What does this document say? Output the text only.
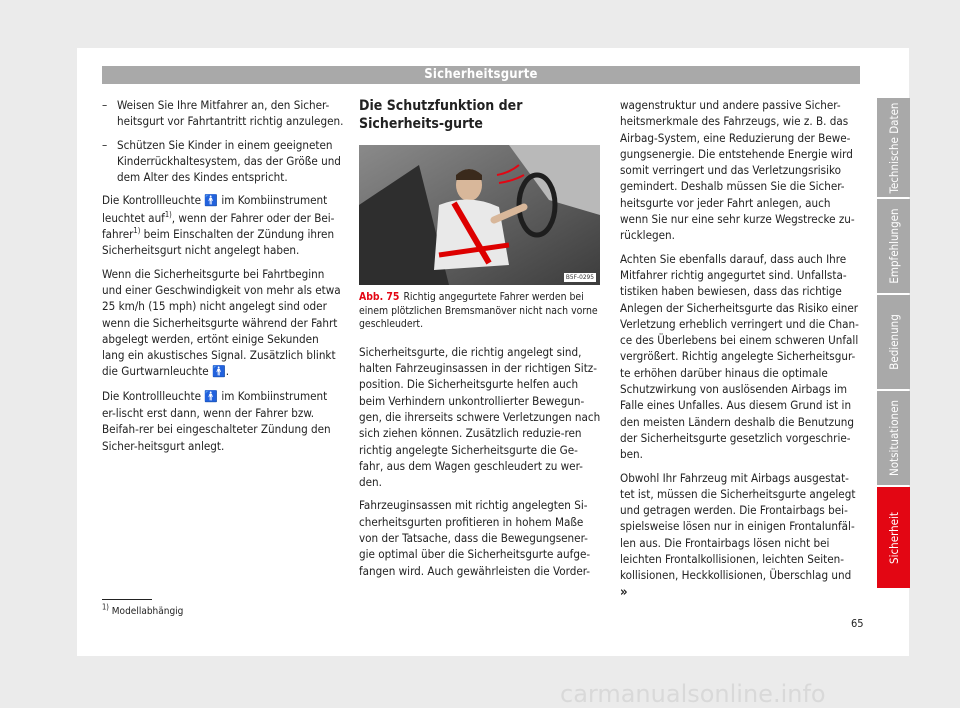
Sicherheitsgurte
– Weisen Sie Ihre Mitfahrer an, den Sicher-heitsgurt vor Fahrtantritt richtig anzulegen.
– Schützen Sie Kinder in einem geeigneten Kinderrückhaltesystem, das der Größe und dem Alter des Kindes entspricht.

Die Kontrollleuchte 🚹 im Kombiinstrument leuchtet auf$^{1)}$, wenn der Fahrer oder der Bei-fahrer$^{1)}$ beim Einschalten der Zündung ihren Sicherheitsgurt nicht angelegt haben.

Wenn die Sicherheitsgurte bei Fahrtbeginn und einer Geschwindigkeit von mehr als etwa 25 km/h (15 mph) nicht angelegt sind oder wenn die Sicherheitsgurte während der Fahrt abgelegt werden, ertönt einige Sekunden lang ein akustisches Signal. Zusätzlich blinkt die Gurtwarnleuchte 🚹.

Die Kontrollleuchte 🚹 im Kombiinstrument er-lischt erst dann, wenn der Fahrer bzw. Beifah-rer bei eingeschalteter Zündung den Sicher-heitsgurt anlegt.

Die Schutzfunktion der Sicherheits-gurte
B5F-0295
Abb. 75 Richtig angegurtete Fahrer werden bei einem plötzlichen Bremsmanöver nicht nach vorne geschleudert.

Sicherheitsgurte, die richtig angelegt sind, halten Fahrzeuginsassen in der richtigen Sitz-position. Die Sicherheitsgurte helfen auch beim Verhindern unkontrollierter Bewegun-gen, die ihrerseits schwere Verletzungen nach sich ziehen können. Zusätzlich reduzie-ren richtig angelegte Sicherheitsgurte die Ge-fahr, aus dem Wagen geschleudert zu wer-den.

Fahrzeuginsassen mit richtig angelegten Si-cherheitsgurten profitieren in hohem Maße von der Tatsache, dass die Bewegungsener-gie optimal über die Sicherheitsgurte aufge-fangen wird. Auch gewährleisten die Vorder-

wagenstruktur und andere passive Sicher-heitsmerkmale des Fahrzeugs, wie z. B. das Airbag-System, eine Reduzierung der Bewe-gungsenergie. Die entstehende Energie wird somit verringert und das Verletzungsrisiko gemindert. Deshalb müssen Sie die Sicher-heitsgurte vor jeder Fahrt anlegen, auch wenn Sie nur eine sehr kurze Wegstrecke zu-rücklegen.

Achten Sie ebenfalls darauf, dass auch Ihre Mitfahrer richtig angegurtet sind. Unfallsta-tistiken haben bewiesen, dass das richtige Anlegen der Sicherheitsgurte das Risiko einer Verletzung erheblich verringert und die Chan-ce des Überlebens bei einem schweren Unfall vergrößert. Richtig angelegte Sicherheitsgur-te erhöhen darüber hinaus die optimale Schutzwirkung von auslösenden Airbags im Falle eines Unfalles. Aus diesem Grund ist in den meisten Ländern deshalb die Benutzung der Sicherheitsgurte gesetzlich vorgeschrie-ben.

Obwohl Ihr Fahrzeug mit Airbags ausgestat-tet ist, müssen die Sicherheitsgurte angelegt und getragen werden. Die Frontairbags bei-spielsweise lösen nur in einigen Frontalunfäl-len aus. Die Frontairbags lösen nicht bei leichten Frontalkollisionen, leichten Seiten-kollisionen, Heckkollisionen, Überschlag und »

Technische Daten
Empfehlungen
Bedienung
Notsituationen
Sicherheit
$^{1)}$ Modellabhängig
65
carmanualsonline.info
